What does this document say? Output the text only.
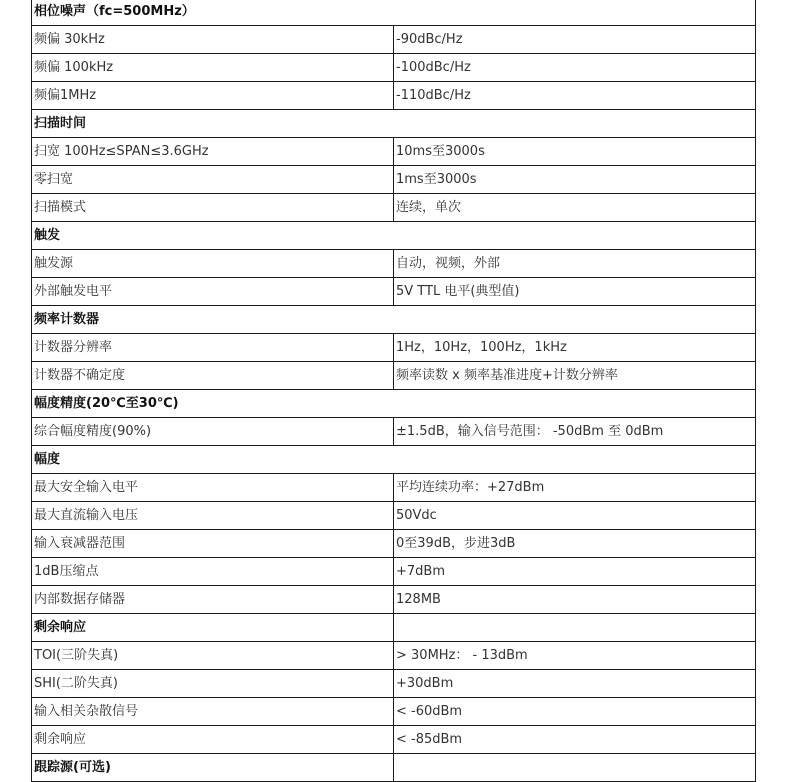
相位噪声（fc=500MHz）	
频偏 30kHz	-90dBc/Hz
频偏 100kHz	-100dBc/Hz
频偏1MHz	-110dBc/Hz
扫描时间	
扫宽 100Hz≤SPAN≤3.6GHz	10ms至3000s
零扫宽	1ms至3000s
扫描模式	连续，单次
触发	
触发源	自动，视频，外部
外部触发电平	5V TTL 电平(典型值)
频率计数器	
计数器分辨率	1Hz，10Hz，100Hz，1kHz
计数器不确定度	频率读数 x 频率基准进度+计数分辨率
幅度精度(20℃至30℃)	
综合幅度精度(90%)	±1.5dB，输入信号范围： -50dBm 至 0dBm
幅度	
最大安全输入电平	平均连续功率：+27dBm
最大直流输入电压	50Vdc
输入衰减器范围	0至39dB，步进3dB
1dB压缩点	+7dBm
内部数据存储器	128MB
剩余响应	
TOI(三阶失真)	> 30MHz： - 13dBm
SHI(二阶失真)	+30dBm
输入相关杂散信号	< -60dBm
剩余响应	< -85dBm
跟踪源(可选)	
